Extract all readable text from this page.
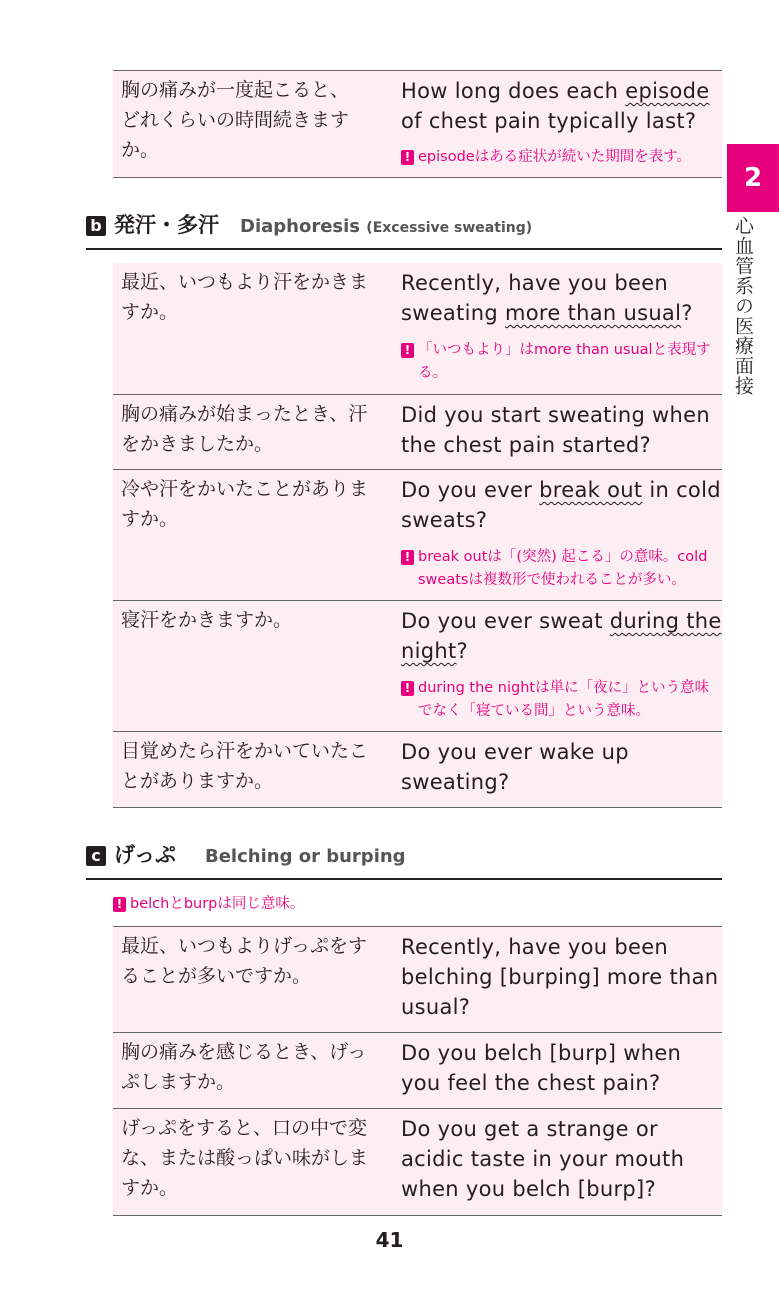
2
心血管系の医療面接
胸の痛みが一度起こると、どれくらいの時間続きますか。
How long does each episode of chest pain typically last?
! episodeはある症状が続いた期間を表す。
b 発汗・多汗 Diaphoresis (Excessive sweating)
最近、いつもより汗をかきますか。
Recently, have you been sweating more than usual?
! 「いつもより」はmore than usualと表現する。
胸の痛みが始まったとき、汗をかきましたか。
Did you start sweating when the chest pain started?
冷や汗をかいたことがありますか。
Do you ever break out in cold sweats?
! break outは「(突然) 起こる」の意味。cold sweatsは複数形で使われることが多い。
寝汗をかきますか。	Do you ever sweat during the night?
! during the nightは単に「夜に」という意味でなく「寝ている間」という意味。
目覚めたら汗をかいていたことがありますか。
Do you ever wake up sweating?
c げっぷ Belching or burping
! belchとburpは同じ意味。
最近、いつもよりげっぷをすることが多いですか。
Recently, have you been belching [burping] more than usual?
胸の痛みを感じるとき、げっぷしますか。
Do you belch [burp] when you feel the chest pain?
げっぷをすると、口の中で変な、または酸っぱい味がしますか。
Do you get a strange or acidic taste in your mouth when you belch [burp]?
41
